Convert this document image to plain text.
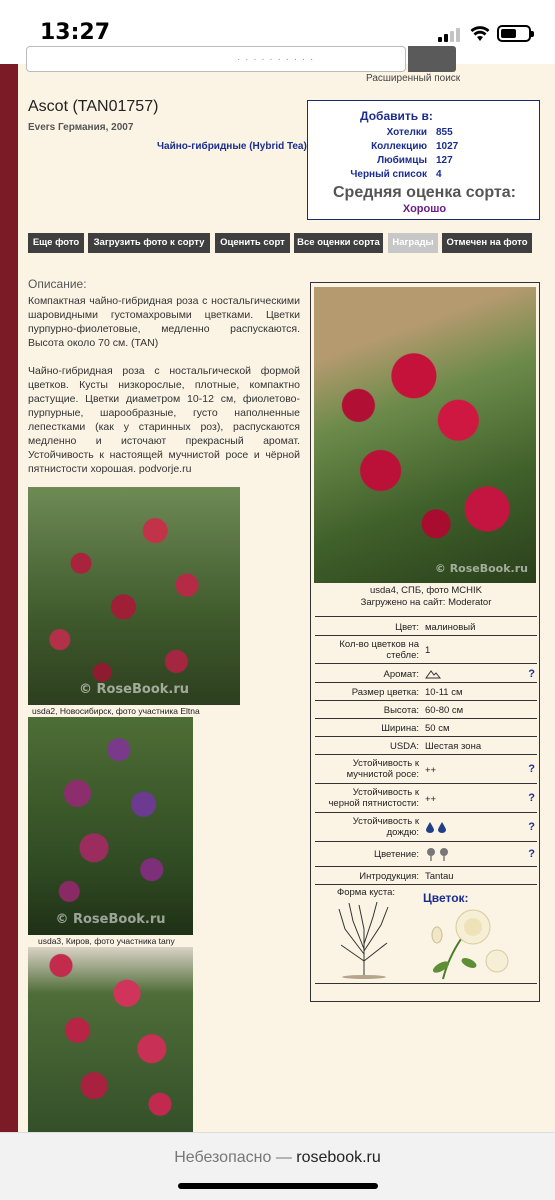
13:27
· · · · · · · · · ·
Расширенный поиск
Ascot (TAN01757)
Evers Германия, 2007
Чайно-гибридные (Hybrid Tea)
Добавить в:
Хотелки 855
Коллекцию 1027
Любимцы 127
Черный список 4
Средняя оценка сорта:
Хорошо
Еще фото	Загрузить фото к сорту	Оценить сорт	Все оценки сорта	Награды	Отмечен на фото
Описание:
Компактная чайно-гибридная роза с ностальгическими шаровидными густомахровыми цветками. Цветки пурпурно-фиолетовые, медленно распускаются. Высота около 70 см. (TAN)
Чайно-гибридная роза с ностальгической формой цветков. Кусты низкорослые, плотные, компактно растущие. Цветки диаметром 10-12 см, фиолетово-пурпурные, шарообразные, густо наполненные лепестками (как у старинных роз), распускаются медленно и источают прекрасный аромат. Устойчивость к настоящей мучнистой росе и чёрной пятнистости хорошая. podvorje.ru
© RoseBook.ru
usda2, Новосибирск, фото участника Eltna
© RoseBook.ru
usda3, Киров, фото участника tany
© RoseBook.ru
usda4, СПБ, фото MCHIK
Загружено на сайт: Moderator
Цвет: малиновый
Кол-во цветков на стебле: 1
Аромат:	?
Размер цветка: 10-11 см
Высота: 60-80 см
Ширина: 50 см
USDA: Шестая зона
Устойчивость к мучнистой росе: ++	?
Устойчивость к черной пятнистости: ++	?
Устойчивость к дождю:	?
Цветение:	?
Интродукция: Tantau
Форма куста: Цветок:
Небезопасно — rosebook.ru
